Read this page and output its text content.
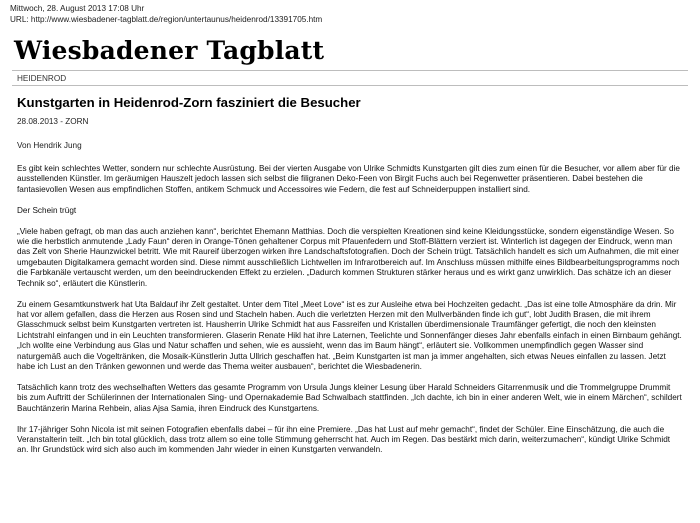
Mittwoch, 28. August 2013 17:08 Uhr
URL: http://www.wiesbadener-tagblatt.de/region/untertaunus/heidenrod/13391705.htm
Wiesbadener Tagblatt
HEIDENROD
Kunstgarten in Heidenrod-Zorn fasziniert die Besucher
28.08.2013 - ZORN
Von Hendrik Jung

Es gibt kein schlechtes Wetter, sondern nur schlechte Ausrüstung. Bei der vierten Ausgabe von Ulrike Schmidts Kunstgarten gilt dies zum einen für die Besucher, vor allem aber für die ausstellenden Künstler. Im geräumigen Hauszelt jedoch lassen sich selbst die filigranen Deko-Feen von Birgit Fuchs auch bei Regenwetter präsentieren. Dabei bestehen die fantasievollen Wesen aus empfindlichen Stoffen, antikem Schmuck und Accessoires wie Federn, die fest auf Schneiderpuppen installiert sind.

Der Schein trügt

„Viele haben gefragt, ob man das auch anziehen kann“, berichtet Ehemann Matthias. Doch die verspielten Kreationen sind keine Kleidungsstücke, sondern eigenständige Wesen. So wie die herbstlich anmutende „Lady Faun“ deren in Orange-Tönen gehaltener Corpus mit Pfauenfedern und Stoff-Blättern verziert ist. Winterlich ist dagegen der Eindruck, wenn man das Zelt von Sherie Haunzwickel betritt. Wie mit Raureif überzogen wirken ihre Landschaftsfotografien. Doch der Schein trügt. Tatsächlich handelt es sich um Aufnahmen, die mit einer umgebauten Digitalkamera gemacht worden sind. Diese nimmt ausschließlich Lichtwellen im Infrarotbereich auf. Im Anschluss müssen mithilfe eines Bildbearbeitungsprogramms noch die Farbkanäle vertauscht werden, um den beeindruckenden Effekt zu erzielen. „Dadurch kommen Strukturen stärker heraus und es wirkt ganz unwirklich. Das schätze ich an dieser Technik so“, erläutert die Künstlerin.

Zu einem Gesamtkunstwerk hat Uta Baldauf ihr Zelt gestaltet. Unter dem Titel „Meet Love“ ist es zur Ausleihe etwa bei Hochzeiten gedacht. „Das ist eine tolle Atmosphäre da drin. Mir hat vor allem gefallen, dass die Herzen aus Rosen sind und Stacheln haben. Auch die verletzten Herzen mit den Mullverbänden finde ich gut“, lobt Judith Brasen, die mit ihrem Glasschmuck selbst beim Kunstgarten vertreten ist. Hausherrin Ulrike Schmidt hat aus Fassreifen und Kristallen überdimensionale Traumfänger gefertigt, die noch den kleinsten Lichtstrahl einfangen und in ein Leuchten transformieren. Glaserin Renate Hikl hat ihre Laternen, Teelichte und Sonnenfänger dieses Jahr ebenfalls einfach in einen Birnbaum gehängt. „Ich wollte eine Verbindung aus Glas und Natur schaffen und sehen, wie es aussieht, wenn das im Baum hängt“, erläutert sie. Vollkommen unempfindlich gegen Wasser sind naturgemäß auch die Vogeltränken, die Mosaik-Künstlerin Jutta Ullrich geschaffen hat. „Beim Kunstgarten ist man ja immer angehalten, sich etwas Neues einfallen zu lassen. Jetzt habe ich Lust an den Tränken gewonnen und werde das Thema weiter ausbauen“, berichtet die Wiesbadenerin.

Tatsächlich kann trotz des wechselhaften Wetters das gesamte Programm von Ursula Jungs kleiner Lesung über Harald Schneiders Gitarrenmusik und die Trommelgruppe Drummit bis zum Auftritt der Schülerinnen der Internationalen Sing- und Opernakademie Bad Schwalbach stattfinden. „Ich dachte, ich bin in einer anderen Welt, wie in einem Märchen“, schildert Bauchtänzerin Marina Rehbein, alias Ajsa Samia, ihren Eindruck des Kunstgartens.

Ihr 17-jähriger Sohn Nicola ist mit seinen Fotografien ebenfalls dabei – für ihn eine Premiere. „Das hat Lust auf mehr gemacht“, findet der Schüler. Eine Einschätzung, die auch die Veranstalterin teilt. „Ich bin total glücklich, dass trotz allem so eine tolle Stimmung geherrscht hat. Auch im Regen. Das bestärkt mich darin, weiterzumachen“, kündigt Ulrike Schmidt an. Ihr Grundstück wird sich also auch im kommenden Jahr wieder in einen Kunstgarten verwandeln.
